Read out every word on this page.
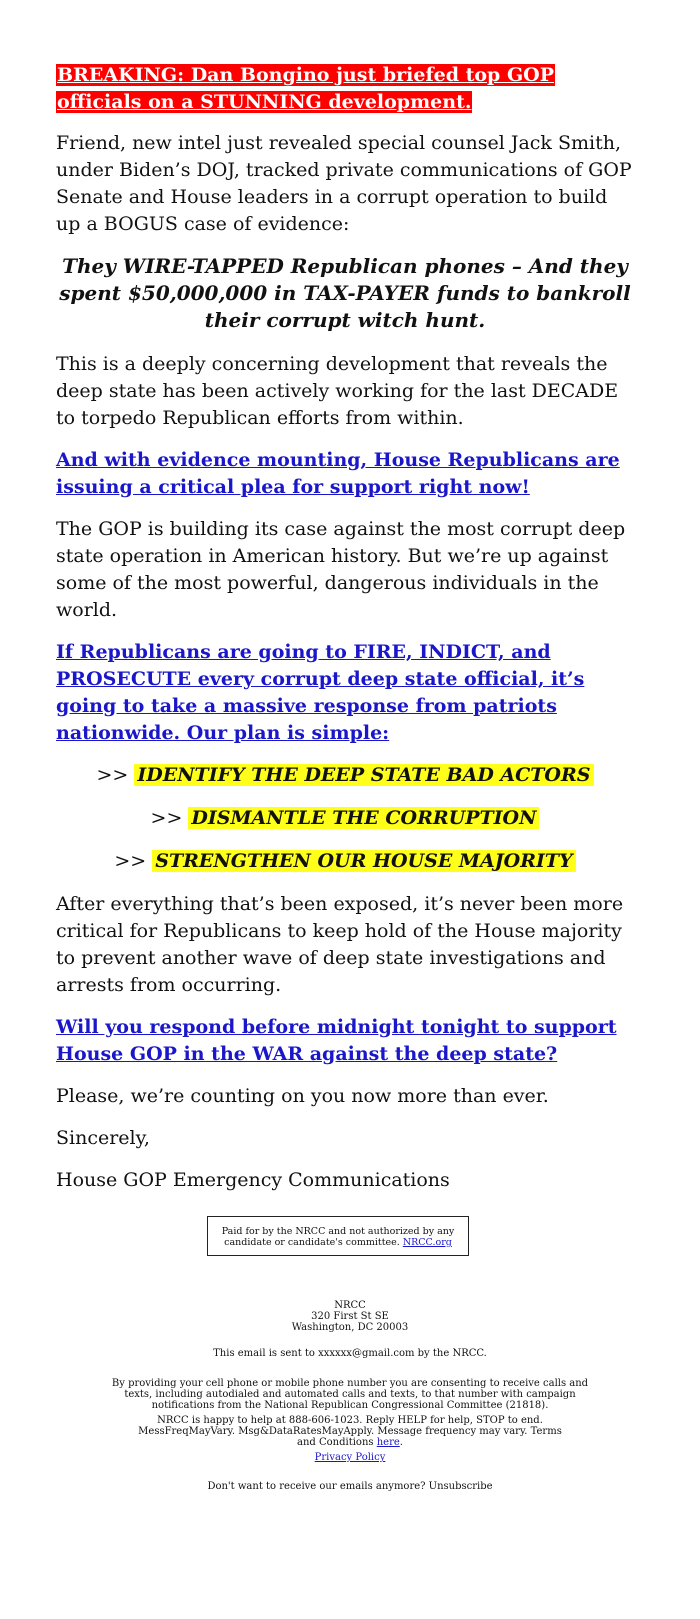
BREAKING: Dan Bongino just briefed top GOP officials on a STUNNING development.

Friend, new intel just revealed special counsel Jack Smith, under Biden’s DOJ, tracked private communications of GOP Senate and House leaders in a corrupt operation to build up a BOGUS case of evidence:

They WIRE-TAPPED Republican phones – And they spent $50,000,000 in TAX-PAYER funds to bankroll their corrupt witch hunt.

This is a deeply concerning development that reveals the deep state has been actively working for the last DECADE to torpedo Republican efforts from within.

And with evidence mounting, House Republicans are issuing a critical plea for support right now!

The GOP is building its case against the most corrupt deep state operation in American history. But we’re up against some of the most powerful, dangerous individuals in the world.

If Republicans are going to FIRE, INDICT, and PROSECUTE every corrupt deep state official, it’s going to take a massive response from patriots nationwide. Our plan is simple:
>> IDENTIFY THE DEEP STATE BAD ACTORS
>> DISMANTLE THE CORRUPTION
>> STRENGTHEN OUR HOUSE MAJORITY

After everything that’s been exposed, it’s never been more critical for Republicans to keep hold of the House majority to prevent another wave of deep state investigations and arrests from occurring.

Will you respond before midnight tonight to support House GOP in the WAR against the deep state?

Please, we’re counting on you now more than ever.

Sincerely,

House GOP Emergency Communications

Paid for by the NRCC and not authorized by any candidate or candidate's committee. NRCC.org
NRCC
320 First St SE
Washington, DC 20003
This email is sent to xxxxxx@gmail.com by the NRCC.
By providing your cell phone or mobile phone number you are consenting to receive calls and texts, including autodialed and automated calls and texts, to that number with campaign notifications from the National Republican Congressional Committee (21818).
NRCC is happy to help at 888-606-1023. Reply HELP for help, STOP to end. MessFreqMayVary. Msg&DataRatesMayApply. Message frequency may vary. Terms and Conditions here.
Privacy Policy
Don't want to receive our emails anymore? Unsubscribe
